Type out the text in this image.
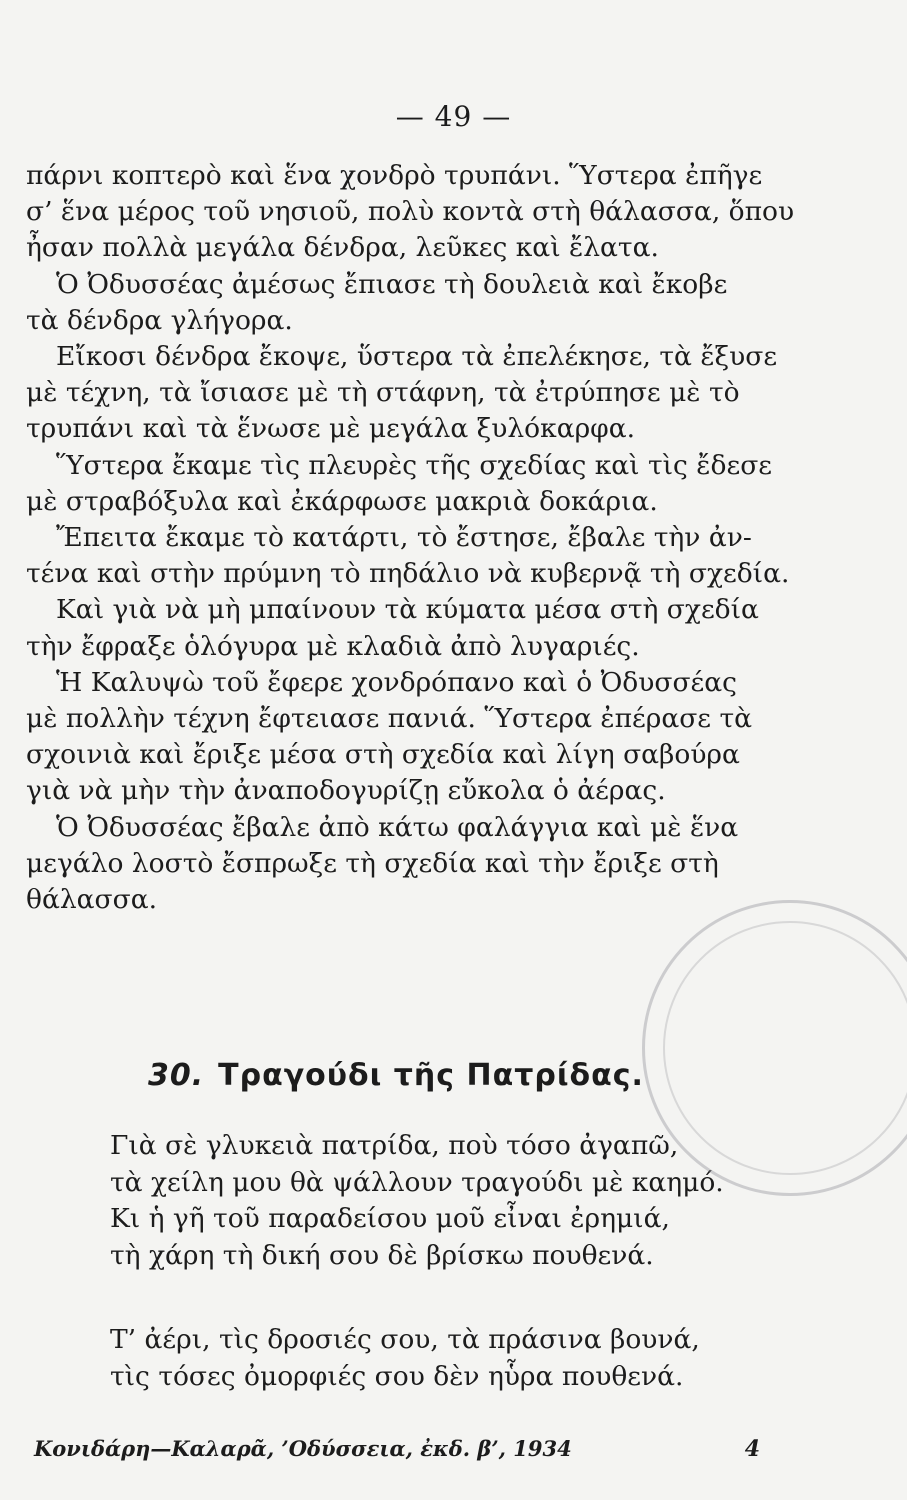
— 49 —
πάρνι κοπτερὸ καὶ ἕνα χονδρὸ τρυπάνι. Ὕστερα ἐπῆγε
σ’ ἕνα μέρος τοῦ νησιοῦ, πολὺ κοντὰ στὴ θάλασσα, ὅπου
ἦσαν πολλὰ μεγάλα δένδρα, λεῦκες καὶ ἔλατα.
Ὁ Ὀδυσσέας ἀμέσως ἔπιασε τὴ δουλειὰ καὶ ἔκοβε
τὰ δένδρα γλήγορα.
Εἴκοσι δένδρα ἔκοψε, ὕστερα τὰ ἐπελέκησε, τὰ ἔξυσε
μὲ τέχνη, τὰ ἴσιασε μὲ τὴ στάφνη, τὰ ἐτρύπησε μὲ τὸ
τρυπάνι καὶ τὰ ἕνωσε μὲ μεγάλα ξυλόκαρφα.
Ὕστερα ἔκαμε τὶς πλευρὲς τῆς σχεδίας καὶ τὶς ἔδεσε
μὲ στραβόξυλα καὶ ἐκάρφωσε μακριὰ δοκάρια.
Ἔπειτα ἔκαμε τὸ κατάρτι, τὸ ἔστησε, ἔβαλε τὴν ἀν-
τένα καὶ στὴν πρύμνη τὸ πηδάλιο νὰ κυβερνᾷ τὴ σχεδία.
Καὶ γιὰ νὰ μὴ μπαίνουν τὰ κύματα μέσα στὴ σχεδία
τὴν ἔφραξε ὁλόγυρα μὲ κλαδιὰ ἀπὸ λυγαριές.
Ἡ Καλυψὼ τοῦ ἔφερε χονδρόπανο καὶ ὁ Ὀδυσσέας
μὲ πολλὴν τέχνη ἔφτειασε πανιά. Ὕστερα ἐπέρασε τὰ
σχοινιὰ καὶ ἔριξε μέσα στὴ σχεδία καὶ λίγη σαβούρα
γιὰ νὰ μὴν τὴν ἀναποδογυρίζῃ εὔκολα ὁ ἀέρας.
Ὁ Ὀδυσσέας ἔβαλε ἀπὸ κάτω φαλάγγια καὶ μὲ ἕνα
μεγάλο λοστὸ ἔσπρωξε τὴ σχεδία καὶ τὴν ἔριξε στὴ
θάλασσα.
30. Τραγούδι τῆς Πατρίδας.
Γιὰ σὲ γλυκειὰ πατρίδα, ποὺ τόσο ἀγαπῶ,
τὰ χείλη μου θὰ ψάλλουν τραγούδι μὲ καημό.
Κι ἡ γῆ τοῦ παραδείσου μοῦ εἶναι ἐρημιά,
τὴ χάρη τὴ δική σου δὲ βρίσκω πουθενά.
Τ’ ἀέρι, τὶς δροσιές σου, τὰ πράσινα βουνά,
τὶς τόσες ὀμορφιές σου δὲν ηὗρα πουθενά.
Κονιδάρη—Καλαρᾶ, ’Οδύσσεια, ἐκδ. β’, 1934	4
